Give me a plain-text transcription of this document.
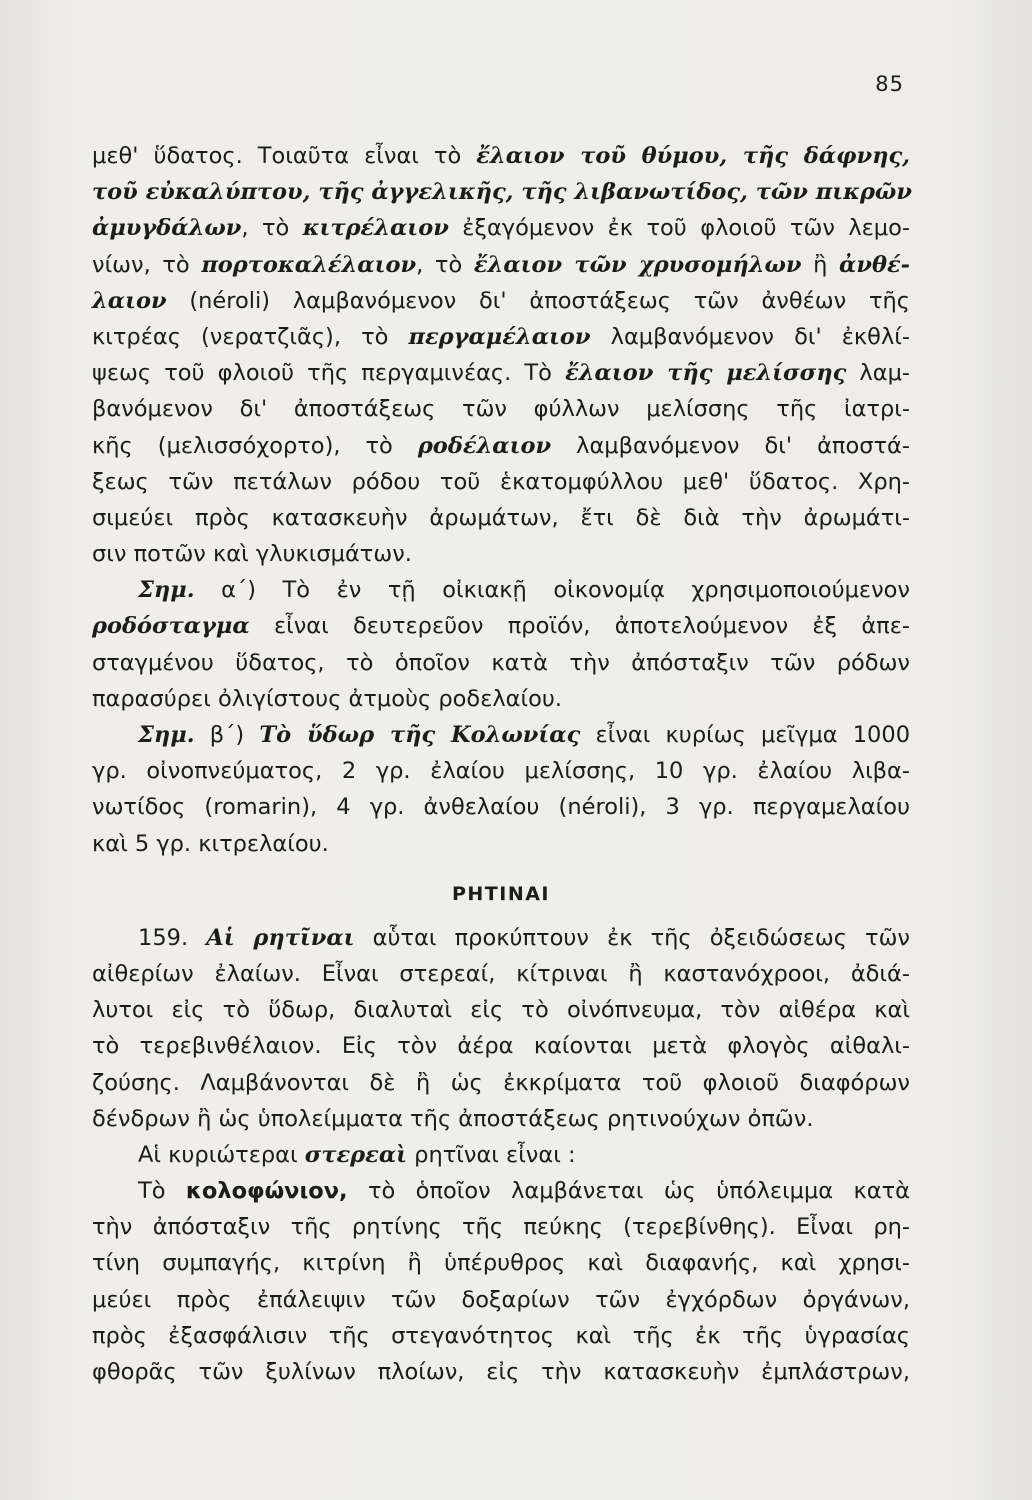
85
μεθ' ὕδατος. Τοιαῦτα εἶναι τὸ ἔλαιον τοῦ θύμου, τῆς δάφνης,
τοῦ εὐκαλύπτου, τῆς ἀγγελικῆς, τῆς λιβανωτίδος, τῶν πικρῶν
ἀμυγδάλων, τὸ κιτρέλαιον ἐξαγόμενον ἐκ τοῦ φλοιοῦ τῶν λεμο-
νίων, τὸ πορτοκαλέλαιον, τὸ ἔλαιον τῶν χρυσομήλων ἢ ἀνθέ-
λαιον (néroli) λαμβανόμενον δι' ἀποστάξεως τῶν ἀνθέων τῆς
κιτρέας (νερατζιᾶς), τὸ περγαμέλαιον λαμβανόμενον δι' ἐκθλί-
ψεως τοῦ φλοιοῦ τῆς περγαμινέας. Τὸ ἔλαιον τῆς μελίσσης λαμ-
βανόμενον δι' ἀποστάξεως τῶν φύλλων μελίσσης τῆς ἰατρι-
κῆς (μελισσόχορτο), τὸ ροδέλαιον λαμβανόμενον δι' ἀποστά-
ξεως τῶν πετάλων ρόδου τοῦ ἑκατομφύλλου μεθ' ὕδατος. Χρη-
σιμεύει πρὸς κατασκευὴν ἀρωμάτων, ἔτι δὲ διὰ τὴν ἀρωμάτι-
σιν ποτῶν καὶ γλυκισμάτων.
Σημ. α΄) Τὸ ἐν τῇ οἰκιακῇ οἰκονομίᾳ χρησιμοποιούμενον
ροδόσταγμα εἶναι δευτερεῦον προϊόν, ἀποτελούμενον ἐξ ἀπε-
σταγμένου ὕδατος, τὸ ὁποῖον κατὰ τὴν ἀπόσταξιν τῶν ρόδων
παρασύρει ὀλιγίστους ἀτμοὺς ροδελαίου.
Σημ. β΄) Τὸ ὕδωρ τῆς Κολωνίας εἶναι κυρίως μεῖγμα 1000
γρ. οἰνοπνεύματος, 2 γρ. ἐλαίου μελίσσης, 10 γρ. ἐλαίου λιβα-
νωτίδος (romarin), 4 γρ. ἀνθελαίου (néroli), 3 γρ. περγαμελαίου
καὶ 5 γρ. κιτρελαίου.
ΡΗΤΙΝΑΙ
159. Αἱ ρητῖναι αὗται προκύπτουν ἐκ τῆς ὀξειδώσεως τῶν
αἰθερίων ἐλαίων. Εἶναι στερεαί, κίτριναι ἢ καστανόχροοι, ἀδιά-
λυτοι εἰς τὸ ὕδωρ, διαλυταὶ εἰς τὸ οἰνόπνευμα, τὸν αἰθέρα καὶ
τὸ τερεβινθέλαιον. Εἰς τὸν ἀέρα καίονται μετὰ φλογὸς αἰθαλι-
ζούσης. Λαμβάνονται δὲ ἢ ὡς ἐκκρίματα τοῦ φλοιοῦ διαφόρων
δένδρων ἢ ὡς ὑπολείμματα τῆς ἀποστάξεως ρητινούχων ὀπῶν.
Αἱ κυριώτεραι στερεαὶ ρητῖναι εἶναι :
Τὸ κολοφώνιον, τὸ ὁποῖον λαμβάνεται ὡς ὑπόλειμμα κατὰ
τὴν ἀπόσταξιν τῆς ρητίνης τῆς πεύκης (τερεβίνθης). Εἶναι ρη-
τίνη συμπαγής, κιτρίνη ἢ ὑπέρυθρος καὶ διαφανής, καὶ χρησι-
μεύει πρὸς ἐπάλειψιν τῶν δοξαρίων τῶν ἐγχόρδων ὀργάνων,
πρὸς ἐξασφάλισιν τῆς στεγανότητος καὶ τῆς ἐκ τῆς ὑγρασίας
φθορᾶς τῶν ξυλίνων πλοίων, εἰς τὴν κατασκευὴν ἐμπλάστρων,
